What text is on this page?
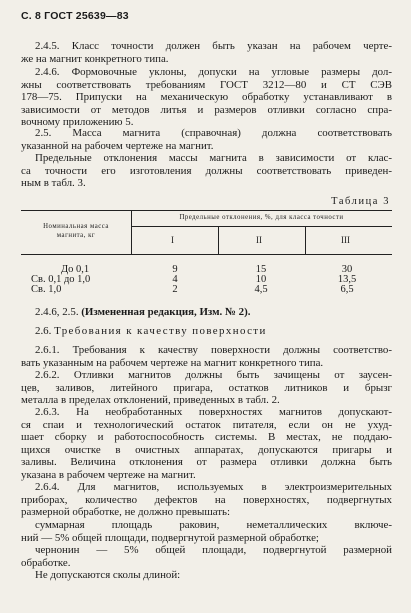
С. 8 ГОСТ 25639—83
2.4.5. Класс точности должен быть указан на рабочем черте-
же на магнит конкретного типа.
2.4.6. Формовочные уклоны, допуски на угловые размеры дол-
жны соответствовать требованиям ГОСТ 3212—80 и СТ СЭВ
178—75. Припуски на механическую обработку устанавливают в
зависимости от методов литья и размеров отливки согласно спра-
вочному приложению 5.
2.5. Масса магнита (справочная) должна соответствовать
указанной на рабочем чертеже на магнит.
Предельные отклонения массы магнита в зависимости от клас-
са точности его изготовления должны соответствовать приведен-
ным в табл. 3.
Таблица 3
Номинальная масса
магнита, кг
Предельные отклонения, %, для класса точности
I	II	III
До 0,1	9	15	30
Св. 0,1 до 1,0	4	10	13,5
Св. 1,0	2	4,5	6,5
2.4.6, 2.5. (Измененная редакция, Изм. № 2).
2.6. Требования к качеству поверхности
2.6.1. Требования к качеству поверхности должны соответство-
вать указанным на рабочем чертеже на магнит конкретного типа.
2.6.2. Отливки магнитов должны быть зачищены от заусен-
цев, заливов, литейного пригара, остатков литников и брызг
металла в пределах отклонений, приведенных в табл. 2.
2.6.3. На необработанных поверхностях магнитов допускают-
ся спаи и технологический остаток питателя, если он не ухуд-
шает сборку и работоспособность системы. В местах, не поддаю-
щихся очистке в очистных аппаратах, допускаются пригары и
заливы. Величина отклонения от размера отливки должна быть
указана в рабочем чертеже на магнит.
2.6.4. Для магнитов, используемых в электроизмерительных
приборах, количество дефектов на поверхностях, подвергнутых
размерной обработке, не должно превышать:
суммарная площадь раковин, неметаллических включе-
ний — 5% общей площади, подвергнутой размерной обработке;
чернонин — 5% общей площади, подвергнутой размерной
обработке.
Не допускаются сколы длиной:
